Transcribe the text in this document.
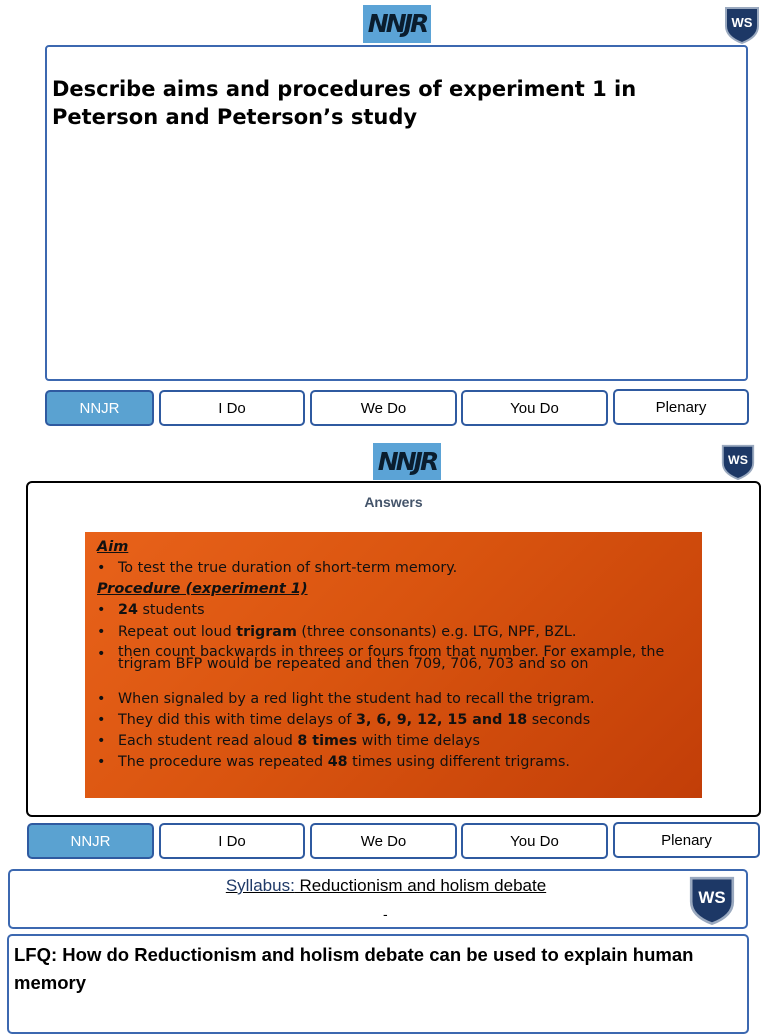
NNJR	WS
Describe aims and procedures of experiment 1 in Peterson and Peterson’s study
NNJR	I Do	We Do	You Do	Plenary
NNJR	WS
Answers
Aim
• To test the true duration of short-term memory.
Procedure (experiment 1)
• 24 students
• Repeat out loud trigram (three consonants) e.g. LTG, NPF, BZL.
• then count backwards in threes or fours from that number. For example, the trigram BFP would be repeated and then 709, 706, 703 and so on
• When signaled by a red light the student had to recall the trigram.
• They did this with time delays of 3, 6, 9, 12, 15 and 18 seconds
• Each student read aloud 8 times with time delays
• The procedure was repeated 48 times using different trigrams.
NNJR	I Do	We Do	You Do	Plenary
Syllabus: Reductionism and holism debate
-
WS
LFQ: How do Reductionism and holism debate can be used to explain human memory
